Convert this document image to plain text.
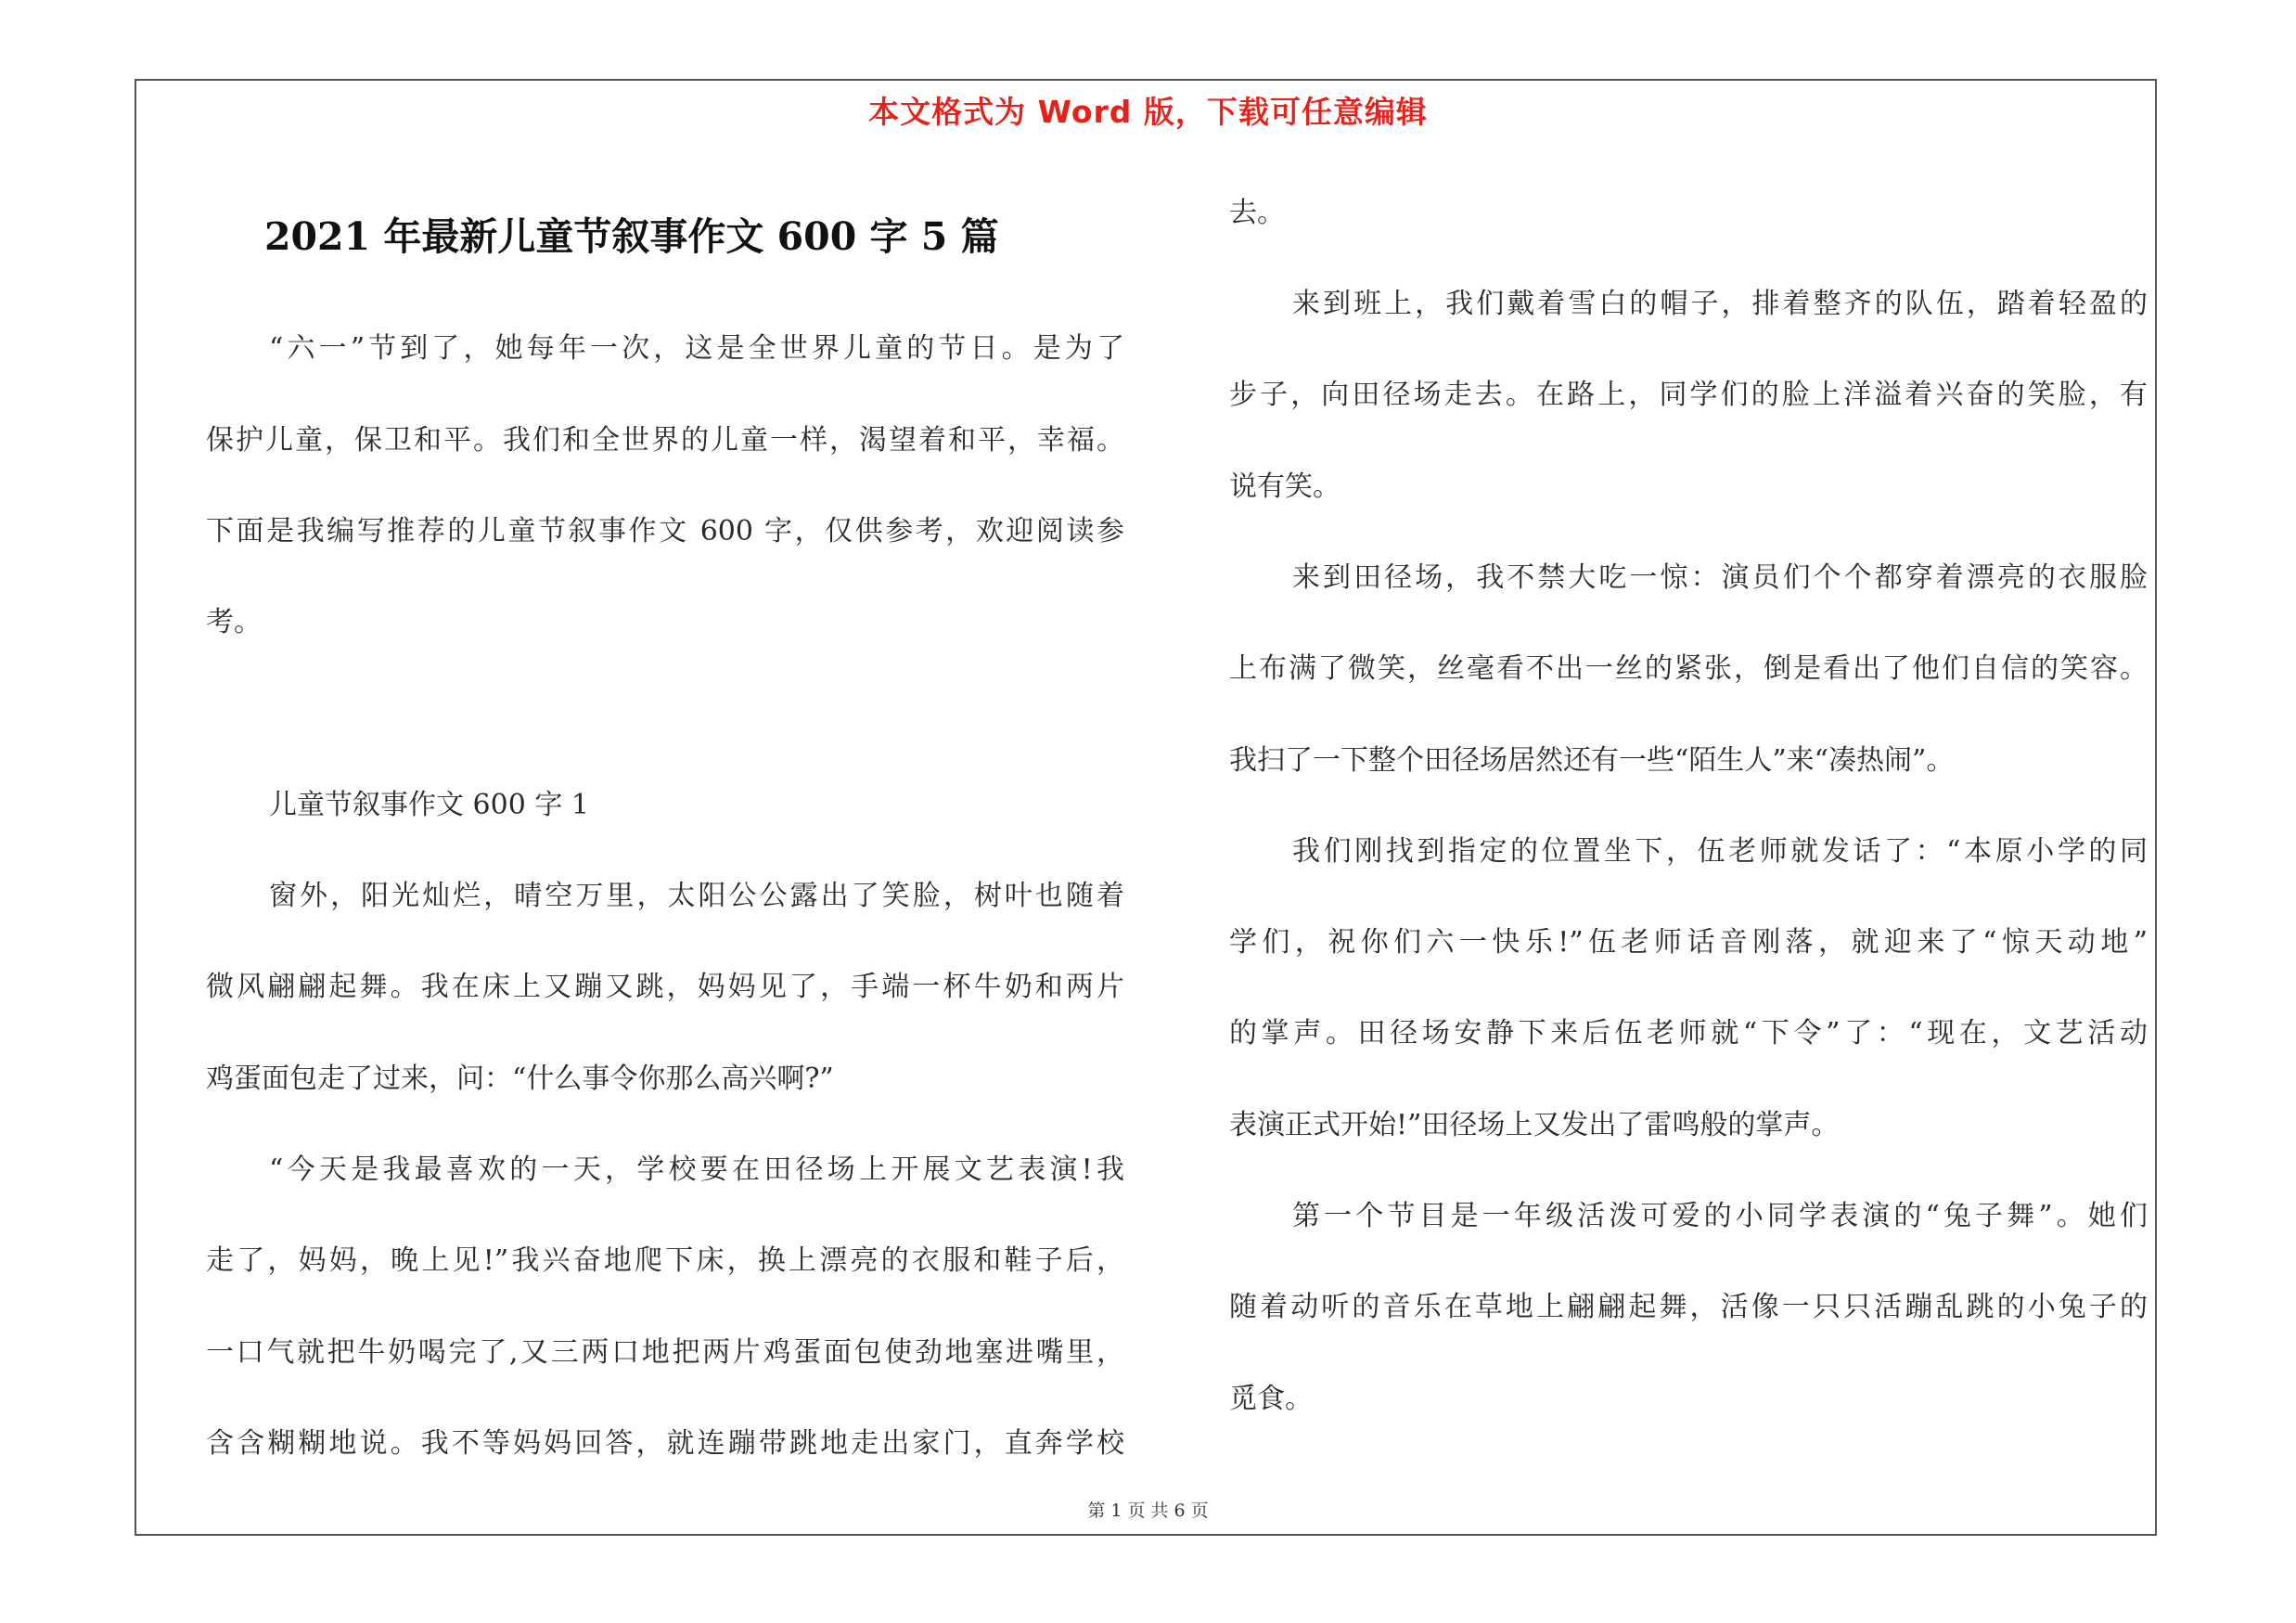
本文格式为 Word 版，下载可任意编辑
2021 年最新儿童节叙事作文 600 字 5 篇
“六一”节到了，她每年一次，这是全世界儿童的节日。是为了
保护儿童，保卫和平。我们和全世界的儿童一样，渴望着和平，幸福。
下面是我编写推荐的儿童节叙事作文 600 字，仅供参考，欢迎阅读参
考。
儿童节叙事作文 600 字 1
窗外，阳光灿烂，晴空万里，太阳公公露出了笑脸，树叶也随着
微风翩翩起舞。我在床上又蹦又跳，妈妈见了，手端一杯牛奶和两片
鸡蛋面包走了过来，问：“什么事令你那么高兴啊?”
“今天是我最喜欢的一天，学校要在田径场上开展文艺表演!我
走了，妈妈，晚上见!”我兴奋地爬下床，换上漂亮的衣服和鞋子后，
一口气就把牛奶喝完了,又三两口地把两片鸡蛋面包使劲地塞进嘴里，
含含糊糊地说。我不等妈妈回答，就连蹦带跳地走出家门，直奔学校
去。
来到班上，我们戴着雪白的帽子，排着整齐的队伍，踏着轻盈的
步子，向田径场走去。在路上，同学们的脸上洋溢着兴奋的笑脸，有
说有笑。
来到田径场，我不禁大吃一惊：演员们个个都穿着漂亮的衣服脸
上布满了微笑，丝毫看不出一丝的紧张，倒是看出了他们自信的笑容。
我扫了一下整个田径场居然还有一些“陌生人”来“凑热闹”。
我们刚找到指定的位置坐下，伍老师就发话了：“本原小学的同
学们，祝你们六一快乐!”伍老师话音刚落，就迎来了“惊天动地”
的掌声。田径场安静下来后伍老师就“下令”了：“现在，文艺活动
表演正式开始!”田径场上又发出了雷鸣般的掌声。
第一个节目是一年级活泼可爱的小同学表演的“兔子舞”。她们
随着动听的音乐在草地上翩翩起舞，活像一只只活蹦乱跳的小兔子的
觅食。
第 1 页 共 6 页
